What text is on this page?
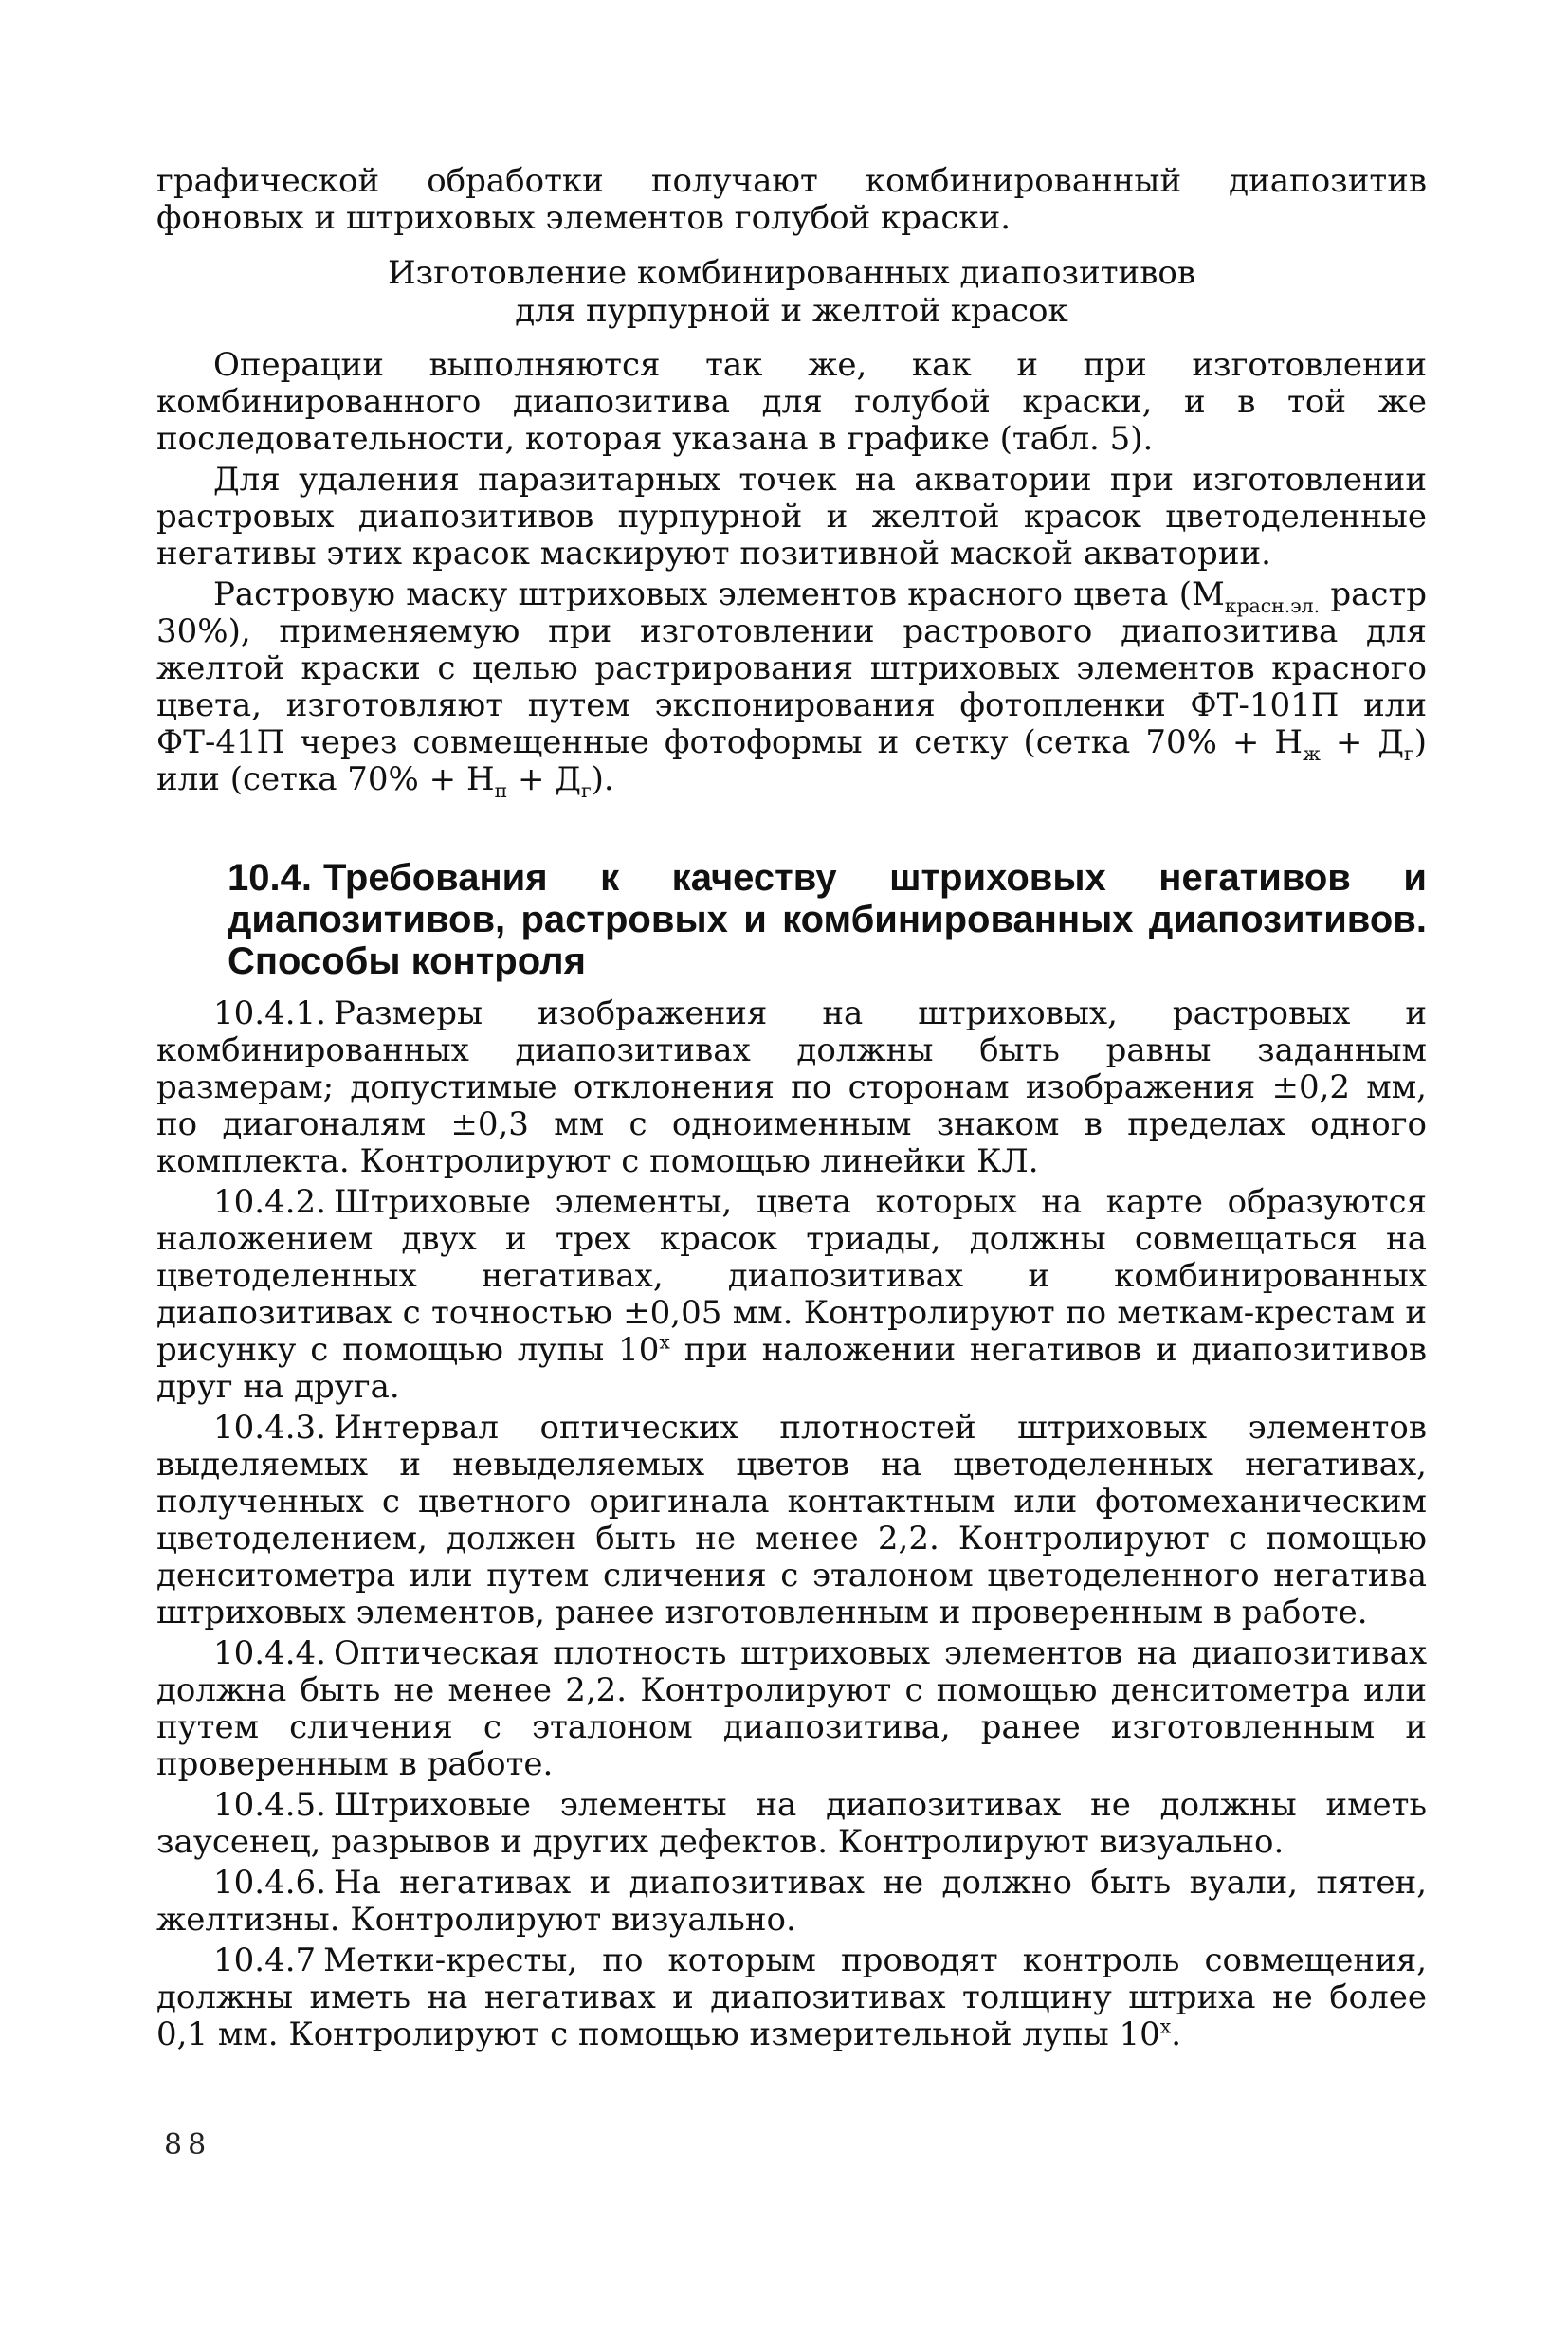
графической обработки получают комбинированный диапозитив фоновых и штриховых элементов голубой краски.

Изготовление комбинированных диапозитивов
для пурпурной и желтой красок

Операции выполняются так же, как и при изготовлении комбинированного диапозитива для голубой краски, и в той же последовательности, которая указана в графике (табл. 5).

Для удаления паразитарных точек на акватории при изготовлении растровых диапозитивов пурпурной и желтой красок цветоделенные негативы этих красок маскируют позитивной маской акватории.

Растровую маску штриховых элементов красного цвета ($М_{красн.эл.}$ растр 30%), применяемую при изготовлении растрового диапозитива для желтой краски с целью растрирования штриховых элементов красного цвета, изготовляют путем экспонирования фотопленки ФТ-101П или ФТ-41П через совмещенные фотоформы и сетку (сетка $70\% + Н_ж + Д_г$) или (сетка $70\% + Н_п + Д_г$).

10.4. Требования к качеству штриховых негативов и диапозитивов, растровых и комбинированных диапозитивов. Способы контроля

10.4.1. Размеры изображения на штриховых, растровых и комбинированных диапозитивах должны быть равны заданным размерам; допустимые отклонения по сторонам изображения ±0,2 мм, по диагоналям ±0,3 мм с одноименным знаком в пределах одного комплекта. Контролируют с помощью линейки КЛ.

10.4.2. Штриховые элементы, цвета которых на карте образуются наложением двух и трех красок триады, должны совмещаться на цветоделенных негативах, диапозитивах и комбинированных диапозитивах с точностью ±0,05 мм. Контролируют по меткам-крестам и рисунку с помощью лупы $10^х$ при наложении негативов и диапозитивов друг на друга.

10.4.3. Интервал оптических плотностей штриховых элементов выделяемых и невыделяемых цветов на цветоделенных негативах, полученных с цветного оригинала контактным или фотомеханическим цветоделением, должен быть не менее 2,2. Контролируют с помощью денситометра или путем сличения с эталоном цветоделенного негатива штриховых элементов, ранее изготовленным и проверенным в работе.

10.4.4. Оптическая плотность штриховых элементов на диапозитивах должна быть не менее 2,2. Контролируют с помощью денситометра или путем сличения с эталоном диапозитива, ранее изготовленным и проверенным в работе.

10.4.5. Штриховые элементы на диапозитивах не должны иметь заусенец, разрывов и других дефектов. Контролируют визуально.

10.4.6. На негативах и диапозитивах не должно быть вуали, пятен, желтизны. Контролируют визуально.

10.4.7 Метки-кресты, по которым проводят контроль совмещения, должны иметь на негативах и диапозитивах толщину штриха не более 0,1 мм. Контролируют с помощью измерительной лупы $10^х$.

88
